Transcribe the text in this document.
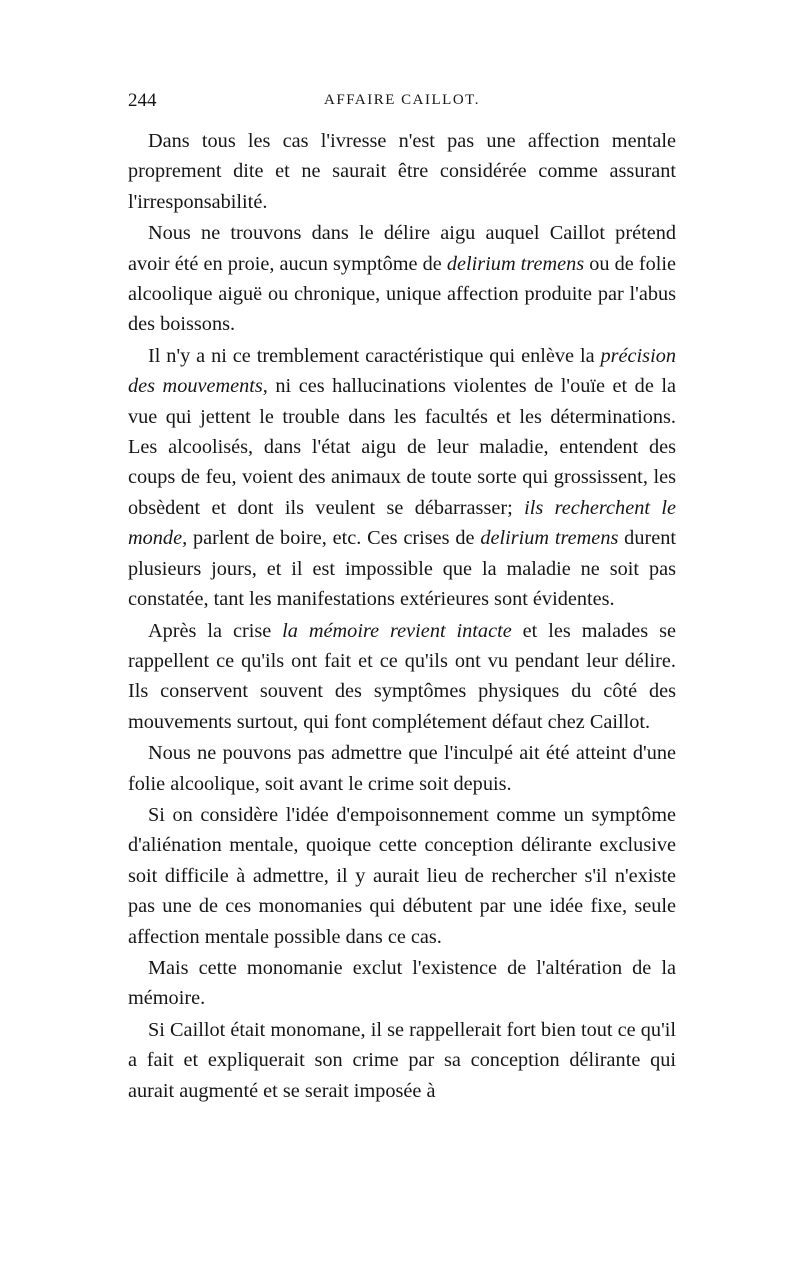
244	AFFAIRE CAILLOT.

Dans tous les cas l'ivresse n'est pas une affection mentale proprement dite et ne saurait être considérée comme assurant l'irresponsabilité.

Nous ne trouvons dans le délire aigu auquel Caillot prétend avoir été en proie, aucun symptôme de delirium tremens ou de folie alcoolique aiguë ou chronique, unique affection produite par l'abus des boissons.

Il n'y a ni ce tremblement caractéristique qui enlève la précision des mouvements, ni ces hallucinations violentes de l'ouïe et de la vue qui jettent le trouble dans les facultés et les déterminations. Les alcoolisés, dans l'état aigu de leur maladie, entendent des coups de feu, voient des animaux de toute sorte qui grossissent, les obsèdent et dont ils veulent se débarrasser; ils recherchent le monde, parlent de boire, etc. Ces crises de delirium tremens durent plusieurs jours, et il est impossible que la maladie ne soit pas constatée, tant les manifestations extérieures sont évidentes.

Après la crise la mémoire revient intacte et les malades se rappellent ce qu'ils ont fait et ce qu'ils ont vu pendant leur délire. Ils conservent souvent des symptômes physiques du côté des mouvements surtout, qui font complétement défaut chez Caillot.

Nous ne pouvons pas admettre que l'inculpé ait été atteint d'une folie alcoolique, soit avant le crime soit depuis.

Si on considère l'idée d'empoisonnement comme un symptôme d'aliénation mentale, quoique cette conception délirante exclusive soit difficile à admettre, il y aurait lieu de rechercher s'il n'existe pas une de ces monomanies qui débutent par une idée fixe, seule affection mentale possible dans ce cas.

Mais cette monomanie exclut l'existence de l'altération de la mémoire.

Si Caillot était monomane, il se rappellerait fort bien tout ce qu'il a fait et expliquerait son crime par sa conception délirante qui aurait augmenté et se serait imposée à
